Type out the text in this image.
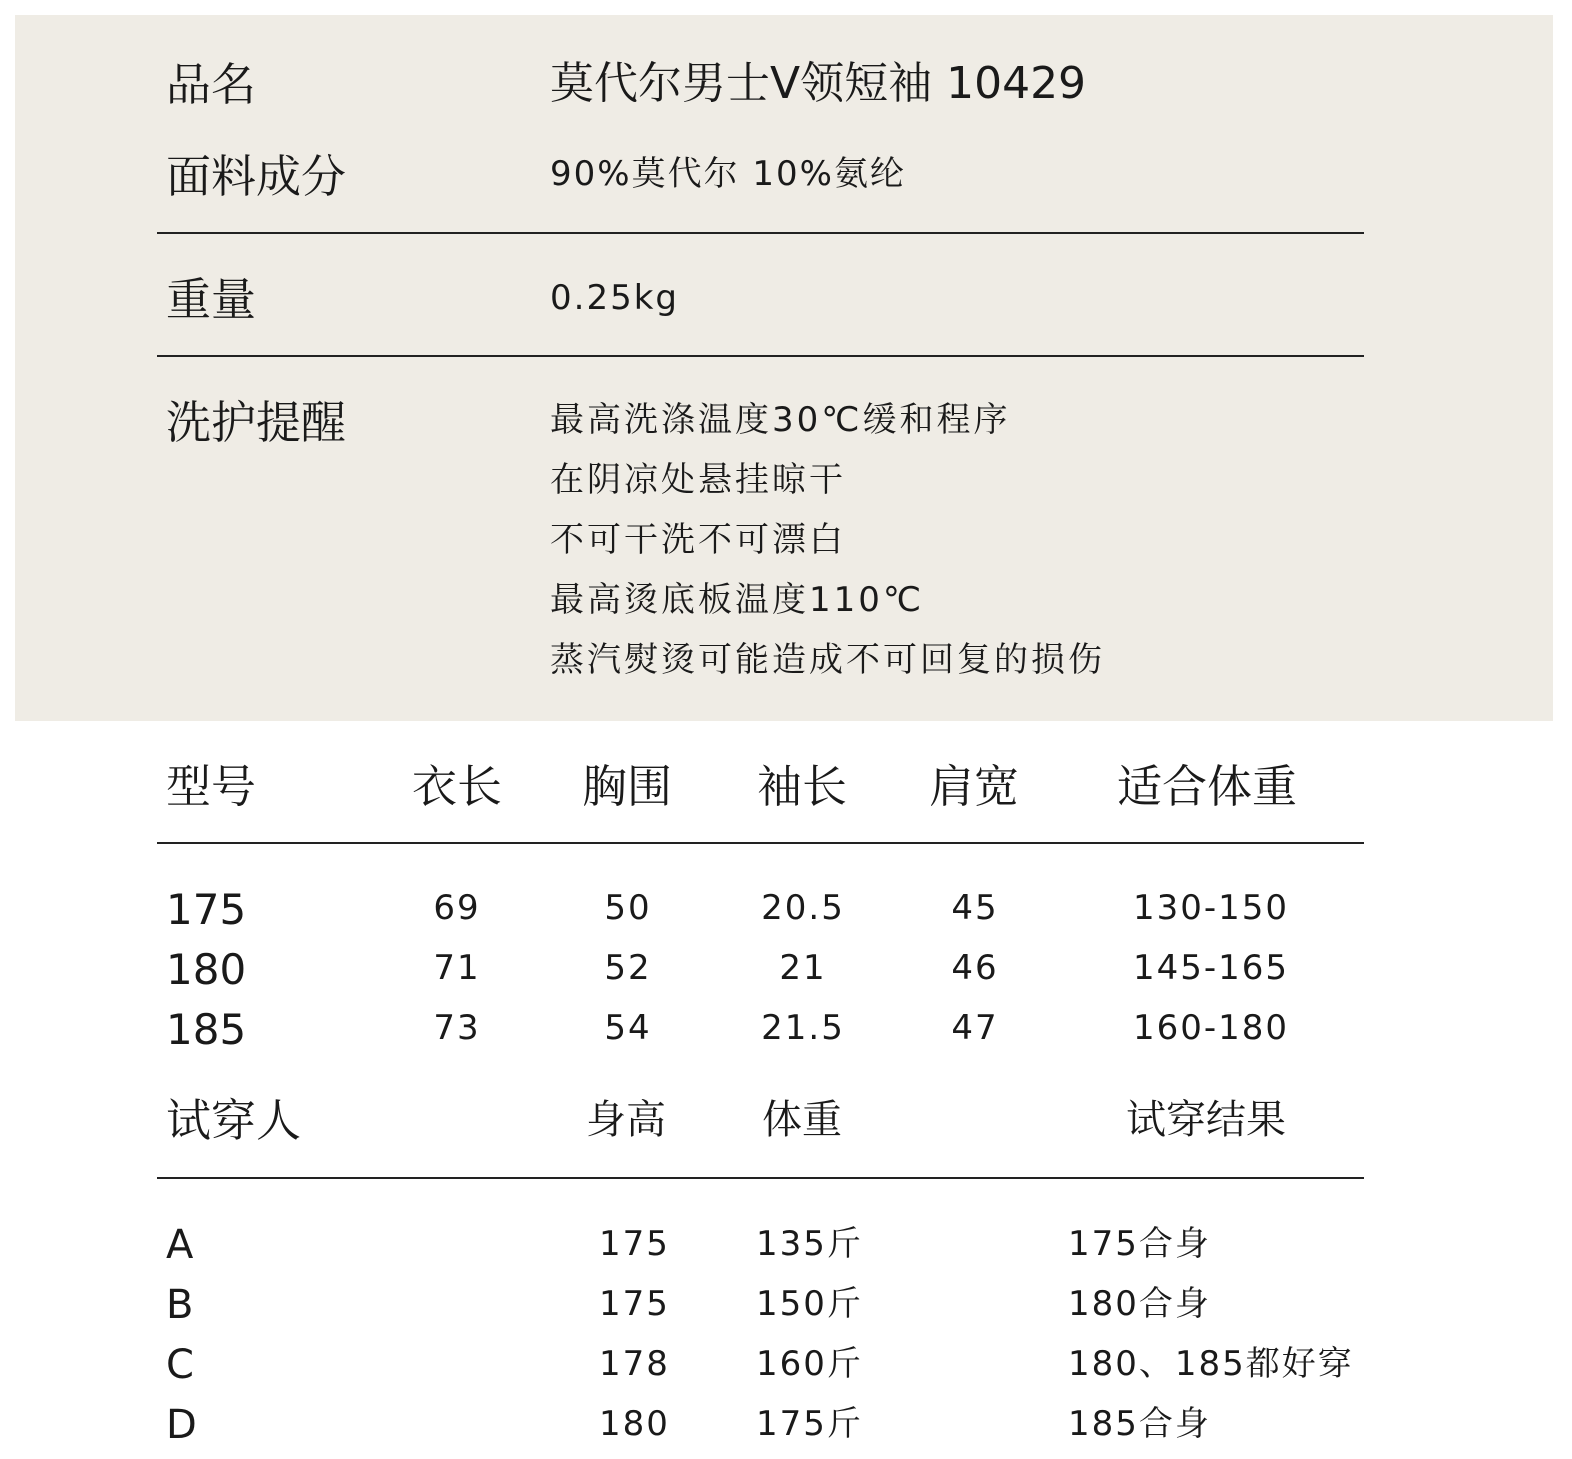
品名	莫代尔男士V领短袖 10429
面料成分	90%莫代尔 10%氨纶
重量	0.25kg
洗护提醒	最高洗涤温度30℃缓和程序
在阴凉处悬挂晾干
不可干洗不可漂白
最高烫底板温度110℃
蒸汽熨烫可能造成不可回复的损伤
型号	衣长 胸围 袖长 肩宽 适合体重
175	69	50	20.5	45	130-150
180	71	52	21	46	145-165
185	73	54	21.5	47	160-180
试穿人	身高 体重	试穿结果
A	175	135斤	175合身
B	175	150斤	180合身
C	178	160斤	180、185都好穿
D	180	175斤	185合身
